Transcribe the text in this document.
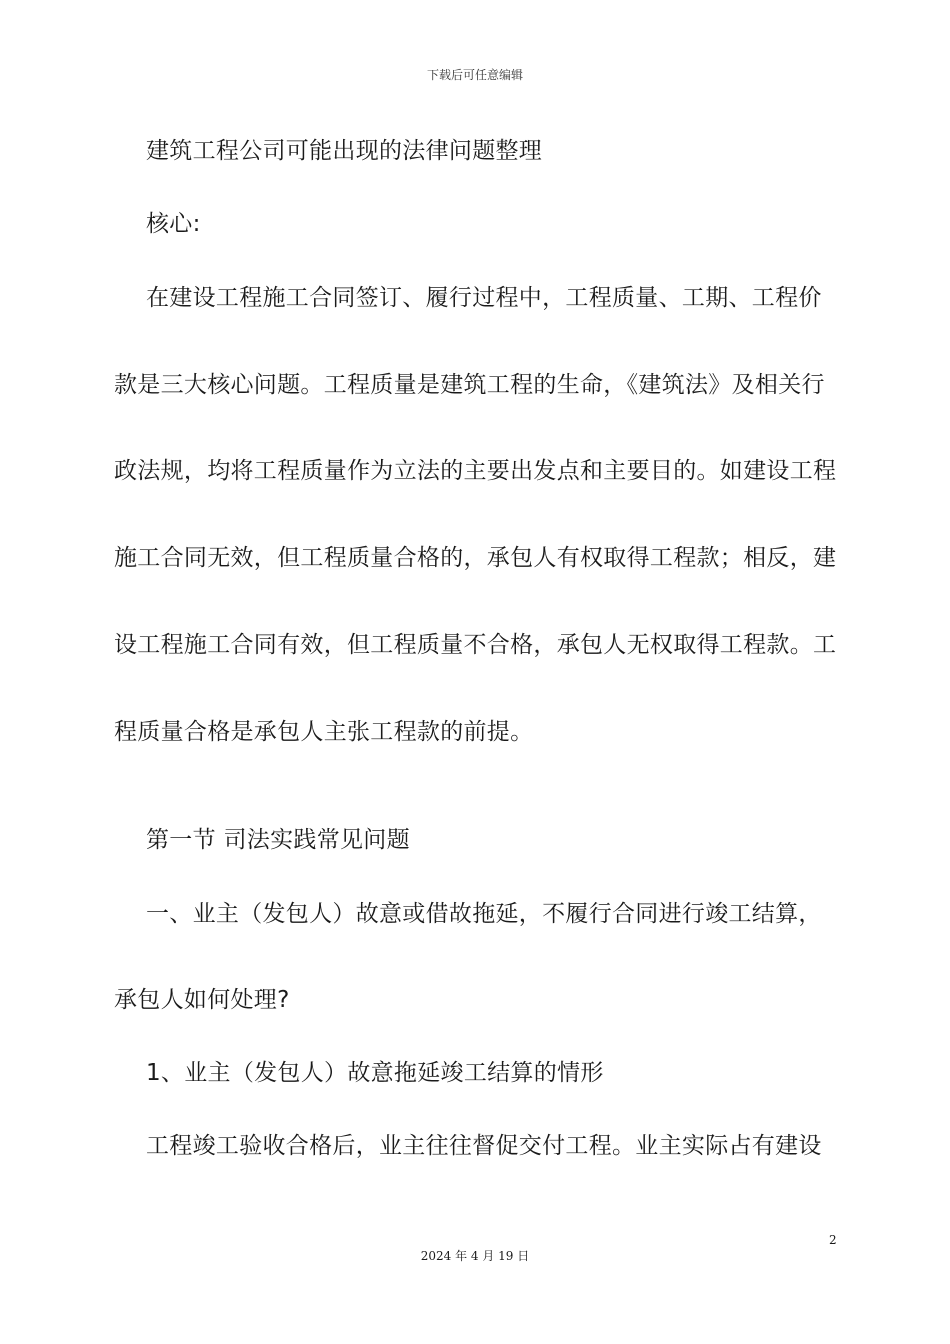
下载后可任意编辑
建筑工程公司可能出现的法律问题整理
核心:
在建设工程施工合同签订、履行过程中，工程质量、工期、工程价
款是三大核心问题。工程质量是建筑工程的生命，《建筑法》及相关行
政法规，均将工程质量作为立法的主要出发点和主要目的。如建设工程
施工合同无效，但工程质量合格的，承包人有权取得工程款；相反，建
设工程施工合同有效，但工程质量不合格，承包人无权取得工程款。工
程质量合格是承包人主张工程款的前提。
第一节 司法实践常见问题
一、业主（发包人）故意或借故拖延，不履行合同进行竣工结算，
承包人如何处理?
1、业主（发包人）故意拖延竣工结算的情形
工程竣工验收合格后，业主往往督促交付工程。业主实际占有建设
2
2024 年 4 月 19 日
